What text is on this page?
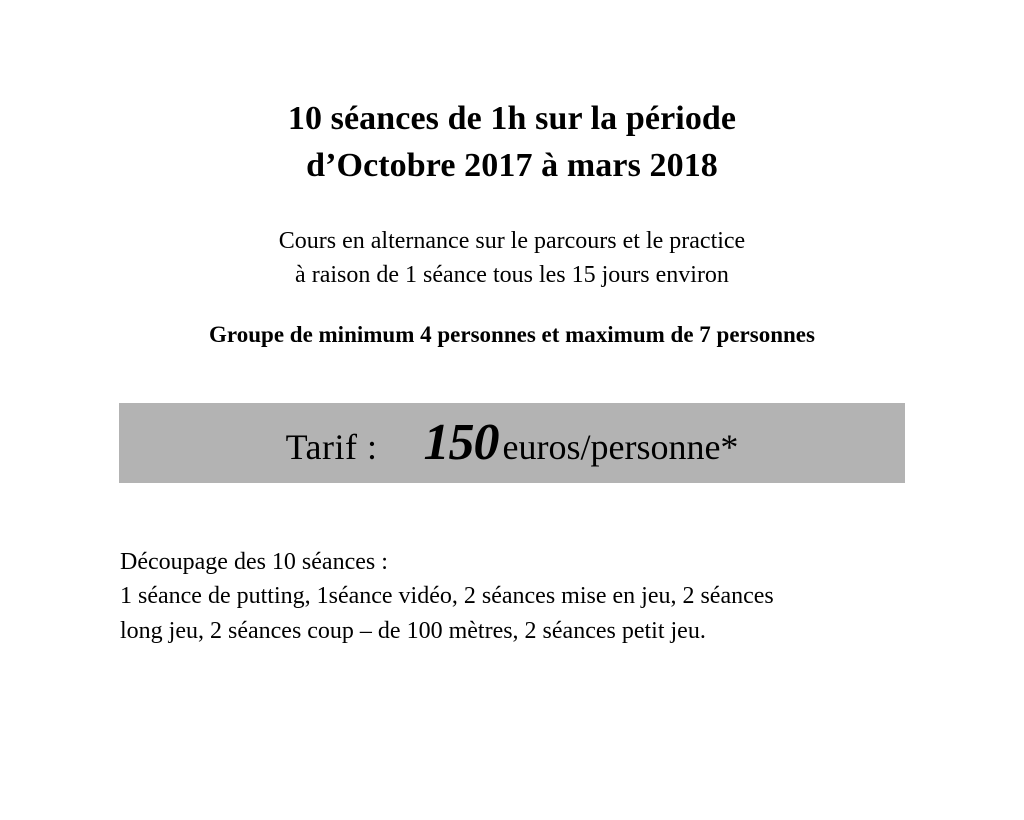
10 séances de 1h sur la période
d’Octobre 2017 à mars 2018
Cours en alternance sur le parcours et le practice
à raison de 1 séance tous les 15 jours environ
Groupe de minimum 4 personnes et maximum de 7 personnes
Tarif : 150 euros/personne*
Découpage des 10 séances :
1 séance de putting, 1séance vidéo, 2 séances mise en jeu, 2 séances
long jeu, 2 séances coup – de 100 mètres, 2 séances petit jeu.
